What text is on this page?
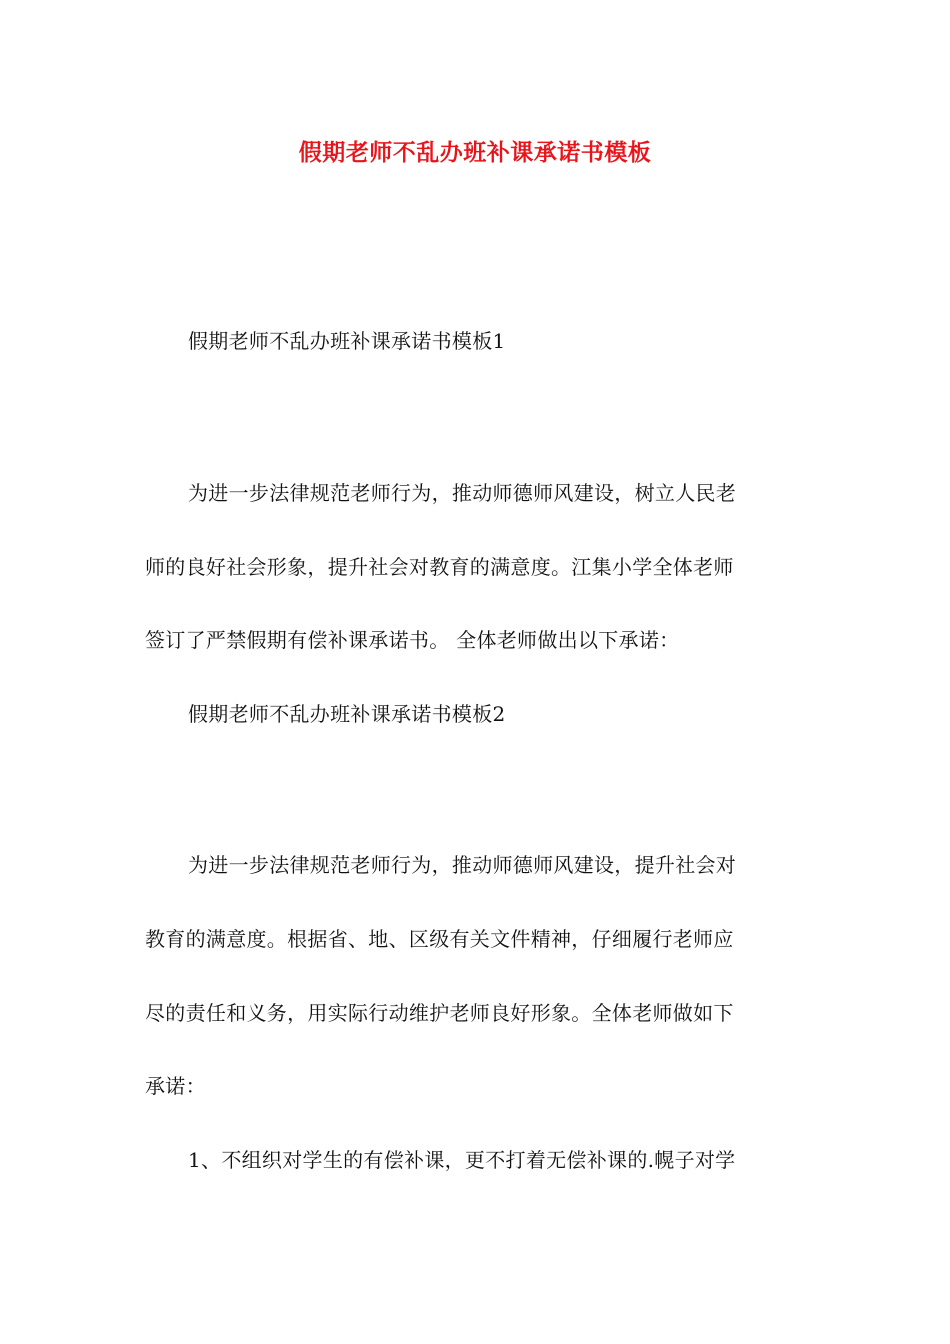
假期老师不乱办班补课承诺书模板
假期老师不乱办班补课承诺书模板1
为进一步法律规范老师行为，推动师德师风建设，树立人民老
师的良好社会形象，提升社会对教育的满意度。江集小学全体老师
签订了严禁假期有偿补课承诺书。 全体老师做出以下承诺：
假期老师不乱办班补课承诺书模板2
为进一步法律规范老师行为，推动师德师风建设，提升社会对
教育的满意度。根据省、地、区级有关文件精神，仔细履行老师应
尽的责任和义务，用实际行动维护老师良好形象。全体老师做如下
承诺：
1、不组织对学生的有偿补课，更不打着无偿补课的.幌子对学
